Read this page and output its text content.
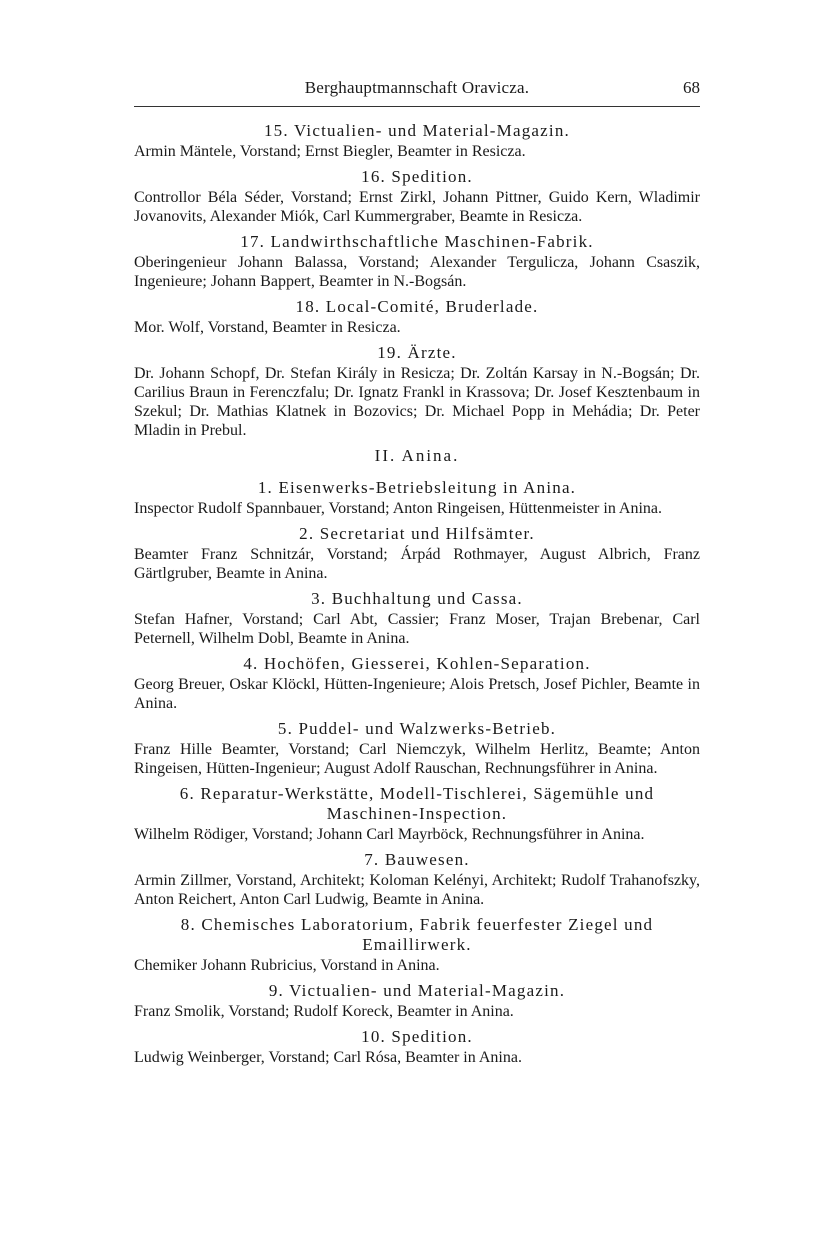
Berghauptmannschaft Oravicza.	68
15. Victualien- und Material-Magazin.
Armin Mäntele, Vorstand; Ernst Biegler, Beamter in Resicza.
16. Spedition.
Controllor Béla Séder, Vorstand; Ernst Zirkl, Johann Pittner, Guido Kern, Wladimir Jovanovits, Alexander Miók, Carl Kummergraber, Beamte in Resicza.
17. Landwirthschaftliche Maschinen-Fabrik.
Oberingenieur Johann Balassa, Vorstand; Alexander Tergulicza, Johann Csaszik, Ingenieure; Johann Bappert, Beamter in N.-Bogsán.
18. Local-Comité, Bruderlade.
Mor. Wolf, Vorstand, Beamter in Resicza.
19. Ärzte.
Dr. Johann Schopf, Dr. Stefan Király in Resicza; Dr. Zoltán Karsay in N.-Bogsán; Dr. Carilius Braun in Ferenczfalu; Dr. Ignatz Frankl in Krassova; Dr. Josef Kesztenbaum in Szekul; Dr. Mathias Klatnek in Bozovics; Dr. Michael Popp in Mehádia; Dr. Peter Mladin in Prebul.
II. Anina.
1. Eisenwerks-Betriebsleitung in Anina.
Inspector Rudolf Spannbauer, Vorstand; Anton Ringeisen, Hüttenmeister in Anina.
2. Secretariat und Hilfsämter.
Beamter Franz Schnitzár, Vorstand; Árpád Rothmayer, August Albrich, Franz Gärtlgruber, Beamte in Anina.
3. Buchhaltung und Cassa.
Stefan Hafner, Vorstand; Carl Abt, Cassier; Franz Moser, Trajan Brebenar, Carl Peternell, Wilhelm Dobl, Beamte in Anina.
4. Hochöfen, Giesserei, Kohlen-Separation.
Georg Breuer, Oskar Klöckl, Hütten-Ingenieure; Alois Pretsch, Josef Pichler, Beamte in Anina.
5. Puddel- und Walzwerks-Betrieb.
Franz Hille Beamter, Vorstand; Carl Niemczyk, Wilhelm Herlitz, Beamte; Anton Ringeisen, Hütten-Ingenieur; August Adolf Rauschan, Rechnungsführer in Anina.
6. Reparatur-Werkstätte, Modell-Tischlerei, Sägemühle und Maschinen-Inspection.
Wilhelm Rödiger, Vorstand; Johann Carl Mayrböck, Rechnungsführer in Anina.
7. Bauwesen.
Armin Zillmer, Vorstand, Architekt; Koloman Kelényi, Architekt; Rudolf Trahanofszky, Anton Reichert, Anton Carl Ludwig, Beamte in Anina.
8. Chemisches Laboratorium, Fabrik feuerfester Ziegel und Emaillirwerk.
Chemiker Johann Rubricius, Vorstand in Anina.
9. Victualien- und Material-Magazin.
Franz Smolik, Vorstand; Rudolf Koreck, Beamter in Anina.
10. Spedition.
Ludwig Weinberger, Vorstand; Carl Rósa, Beamter in Anina.
